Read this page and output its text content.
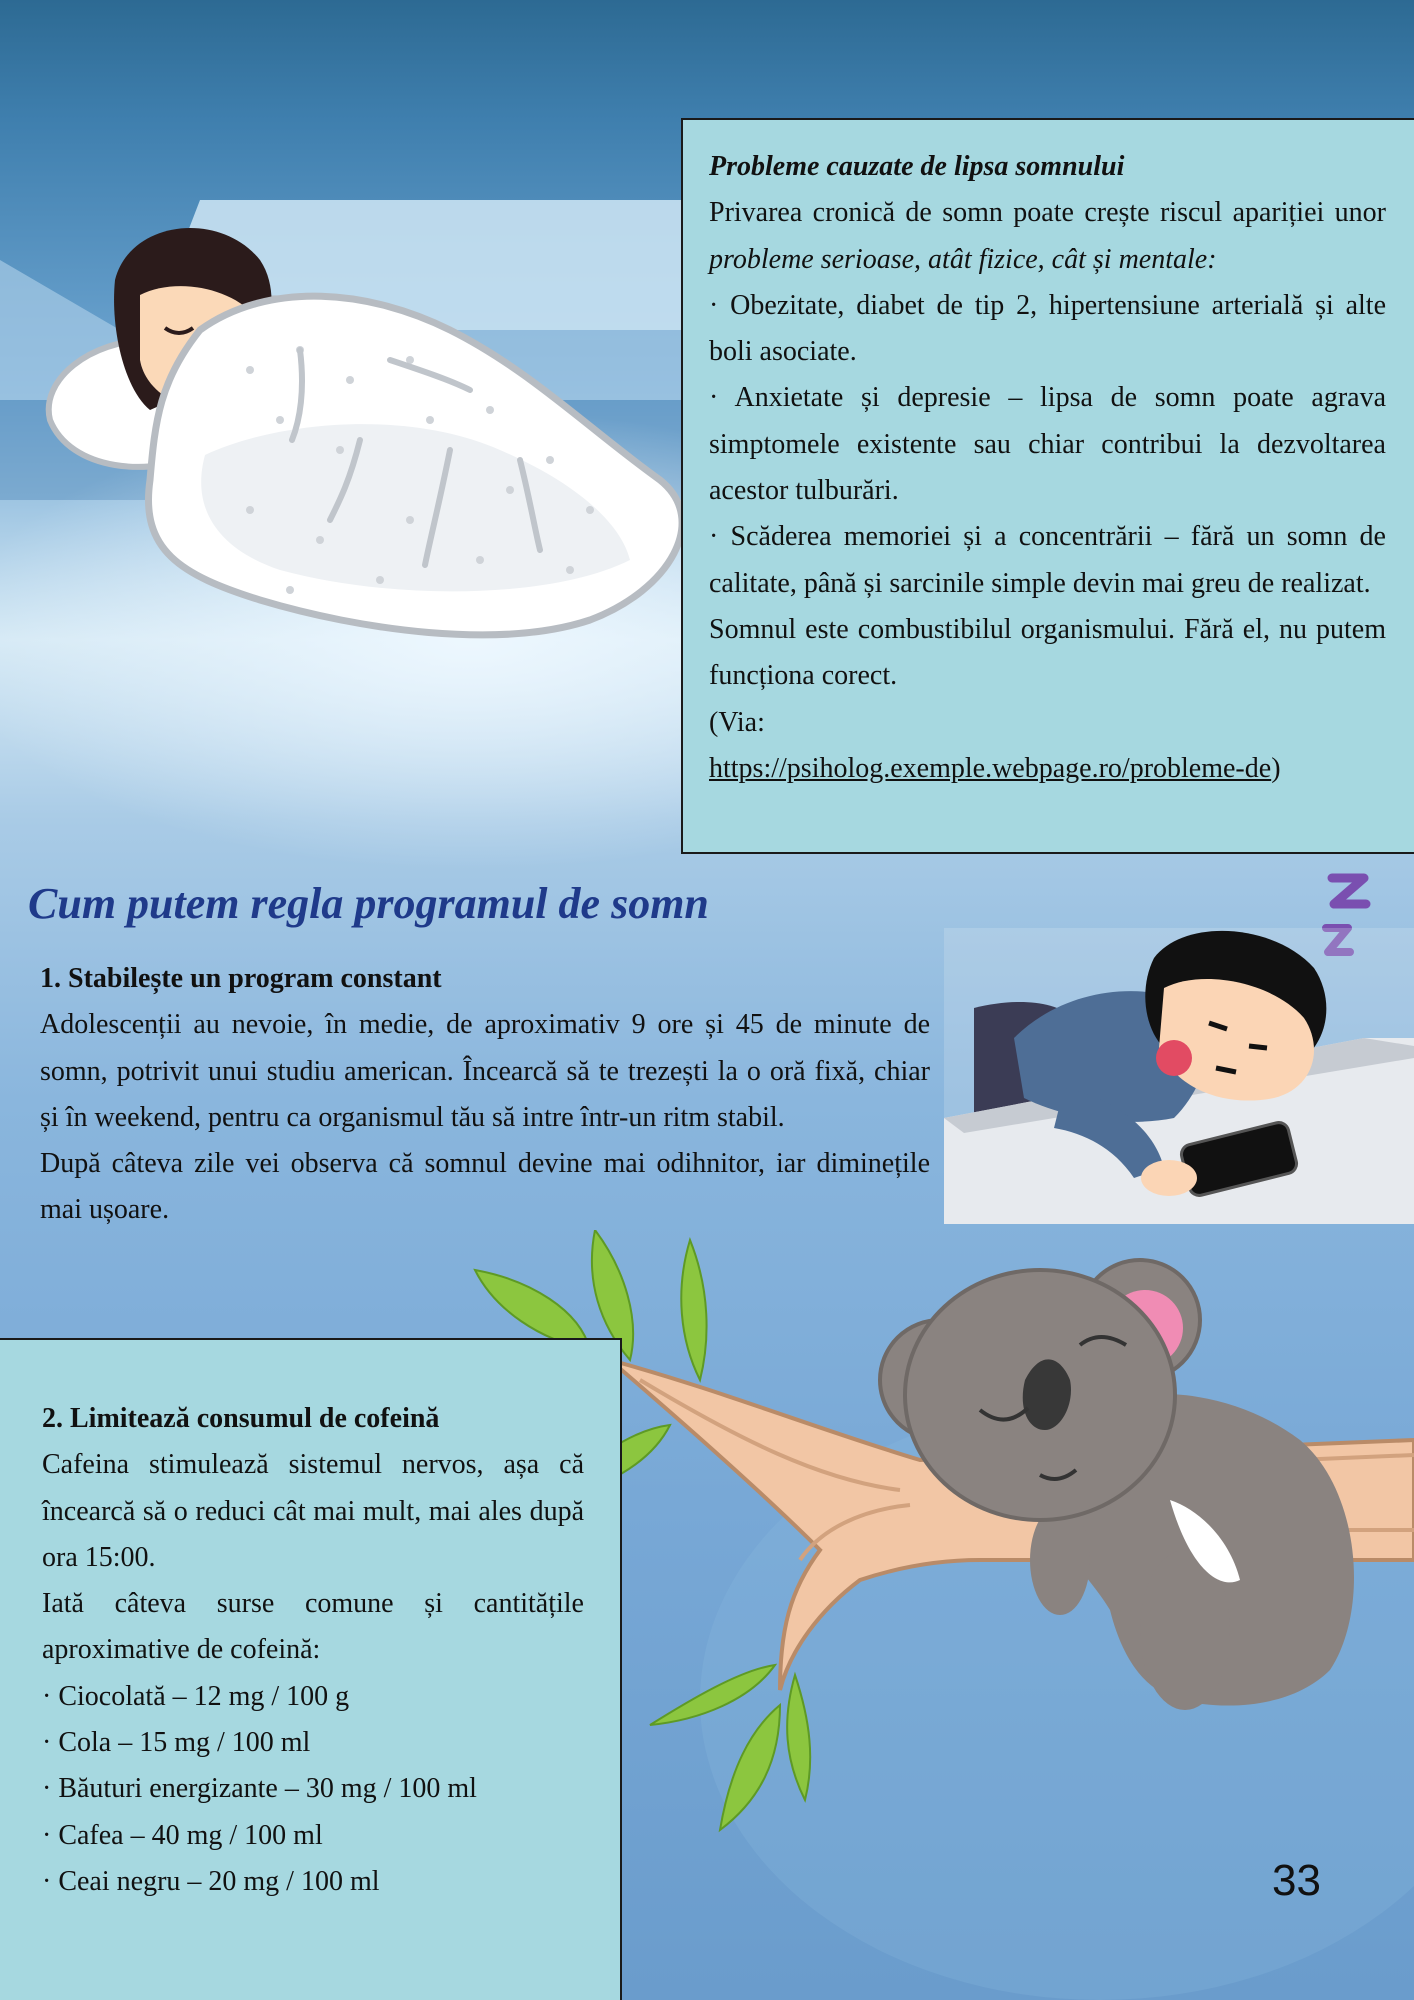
Probleme cauzate de lipsa somnului

Privarea cronică de somn poate crește riscul apariției unor probleme serioase, atât fizice, cât și mentale:

· Obezitate, diabet de tip 2, hipertensiune arterială și alte boli asociate.

· Anxietate și depresie – lipsa de somn poate agrava simptomele existente sau chiar contribui la dezvoltarea acestor tulburări.

· Scăderea memoriei și a concentrării – fără un somn de calitate, până și sarcinile simple devin mai greu de realizat.

Somnul este combustibilul organismului. Fără el, nu putem funcționa corect.

(Via:

https://psiholog.exemple.webpage.ro/probleme-de)

Cum putem regla programul de somn

1. Stabilește un program constant

Adolescenții au nevoie, în medie, de aproximativ 9 ore și 45 de minute de somn, potrivit unui studiu american. Încearcă să te trezești la o oră fixă, chiar și în weekend, pentru ca organismul tău să intre într-un ritm stabil.

După câteva zile vei observa că somnul devine mai odihnitor, iar diminețile mai ușoare.

2. Limitează consumul de cofeină

Cafeina stimulează sistemul nervos, așa că încearcă să o reduci cât mai mult, mai ales după ora 15:00.

Iată câteva surse comune și cantitățile aproximative de cofeină:

· Ciocolată – 12 mg / 100 g

· Cola – 15 mg / 100 ml

· Băuturi energizante – 30 mg / 100 ml

· Cafea – 40 mg / 100 ml

· Ceai negru – 20 mg / 100 ml	33
